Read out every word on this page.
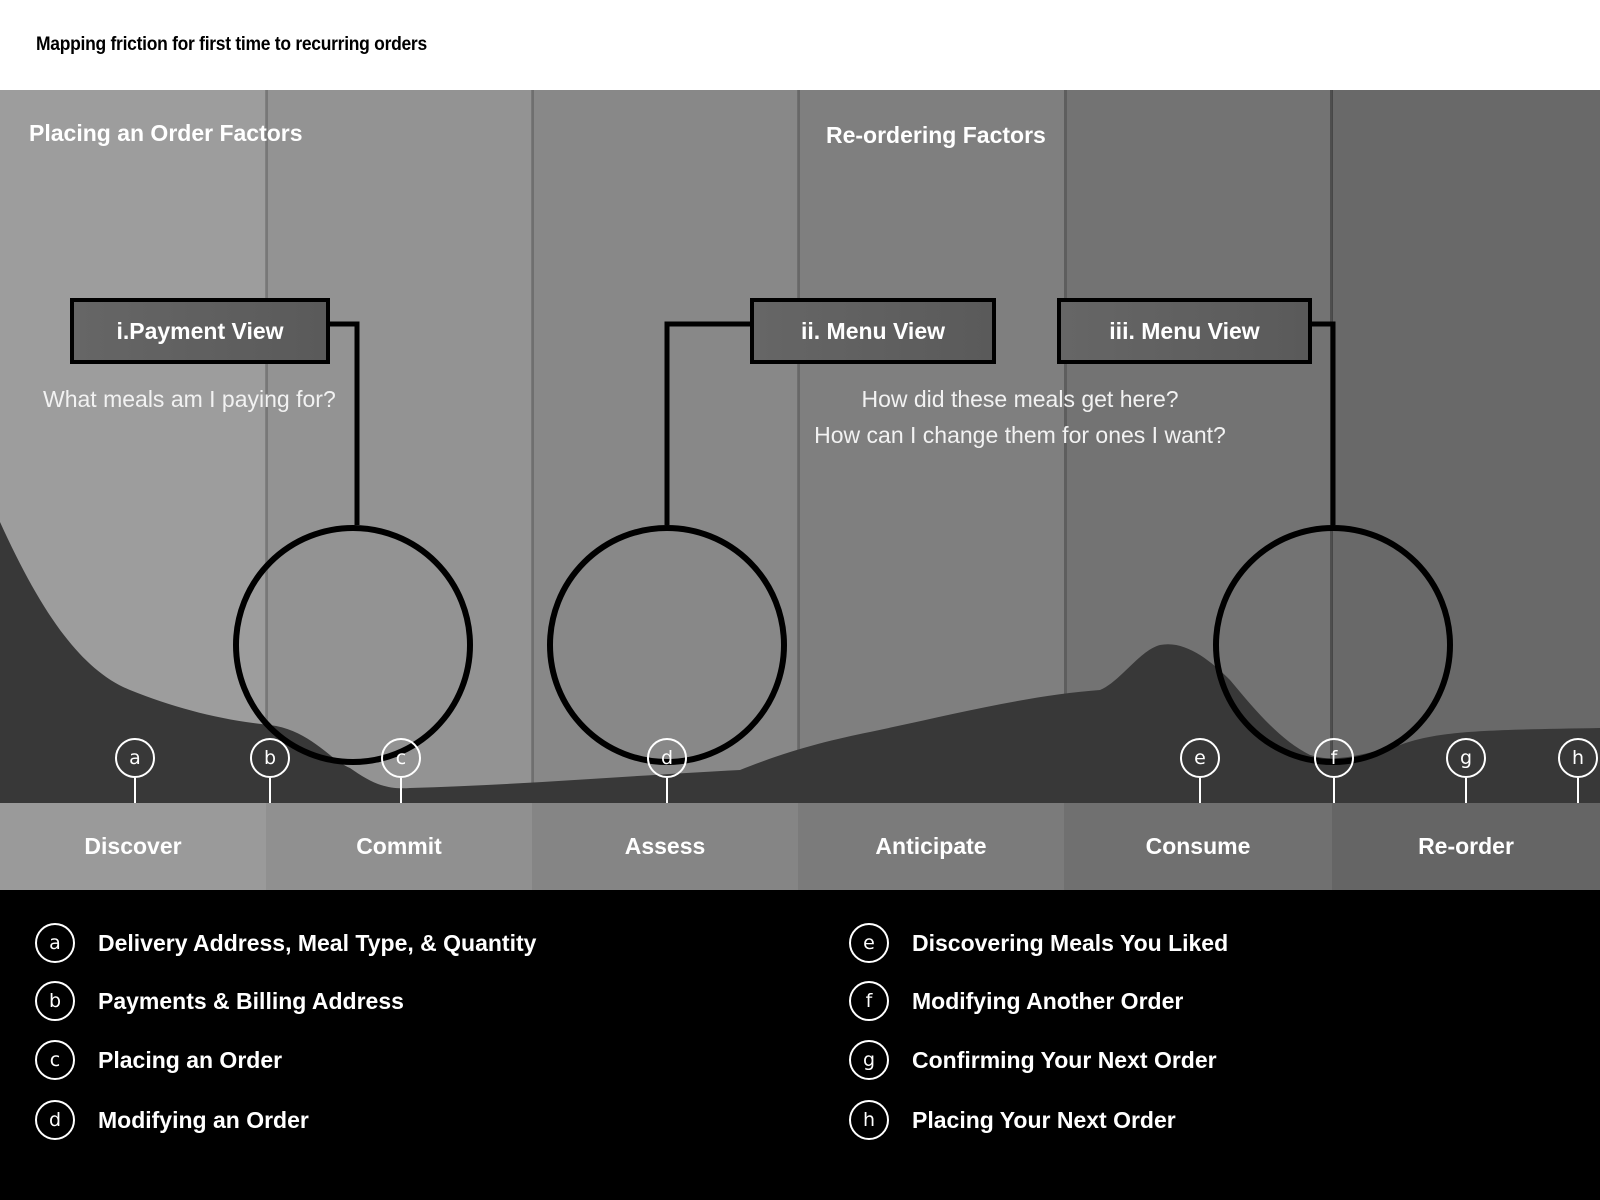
Mapping friction for first time to recurring orders
Placing an Order Factors	Re-ordering Factors
i.Payment View	ii. Menu View	iii. Menu View
What meals am I paying for?	How did these meals get here?
How can I change them for ones I want?
a	b	c	d	e	f	g	h
Discover	Commit	Assess	Anticipate	Consume	Re-order
a	Delivery Address, Meal Type, & Quantity
b	Payments & Billing Address
c	Placing an Order
d	Modifying an Order
e	Discovering Meals You Liked
f	Modifying Another Order
g	Confirming Your Next Order
h	Placing Your Next Order
